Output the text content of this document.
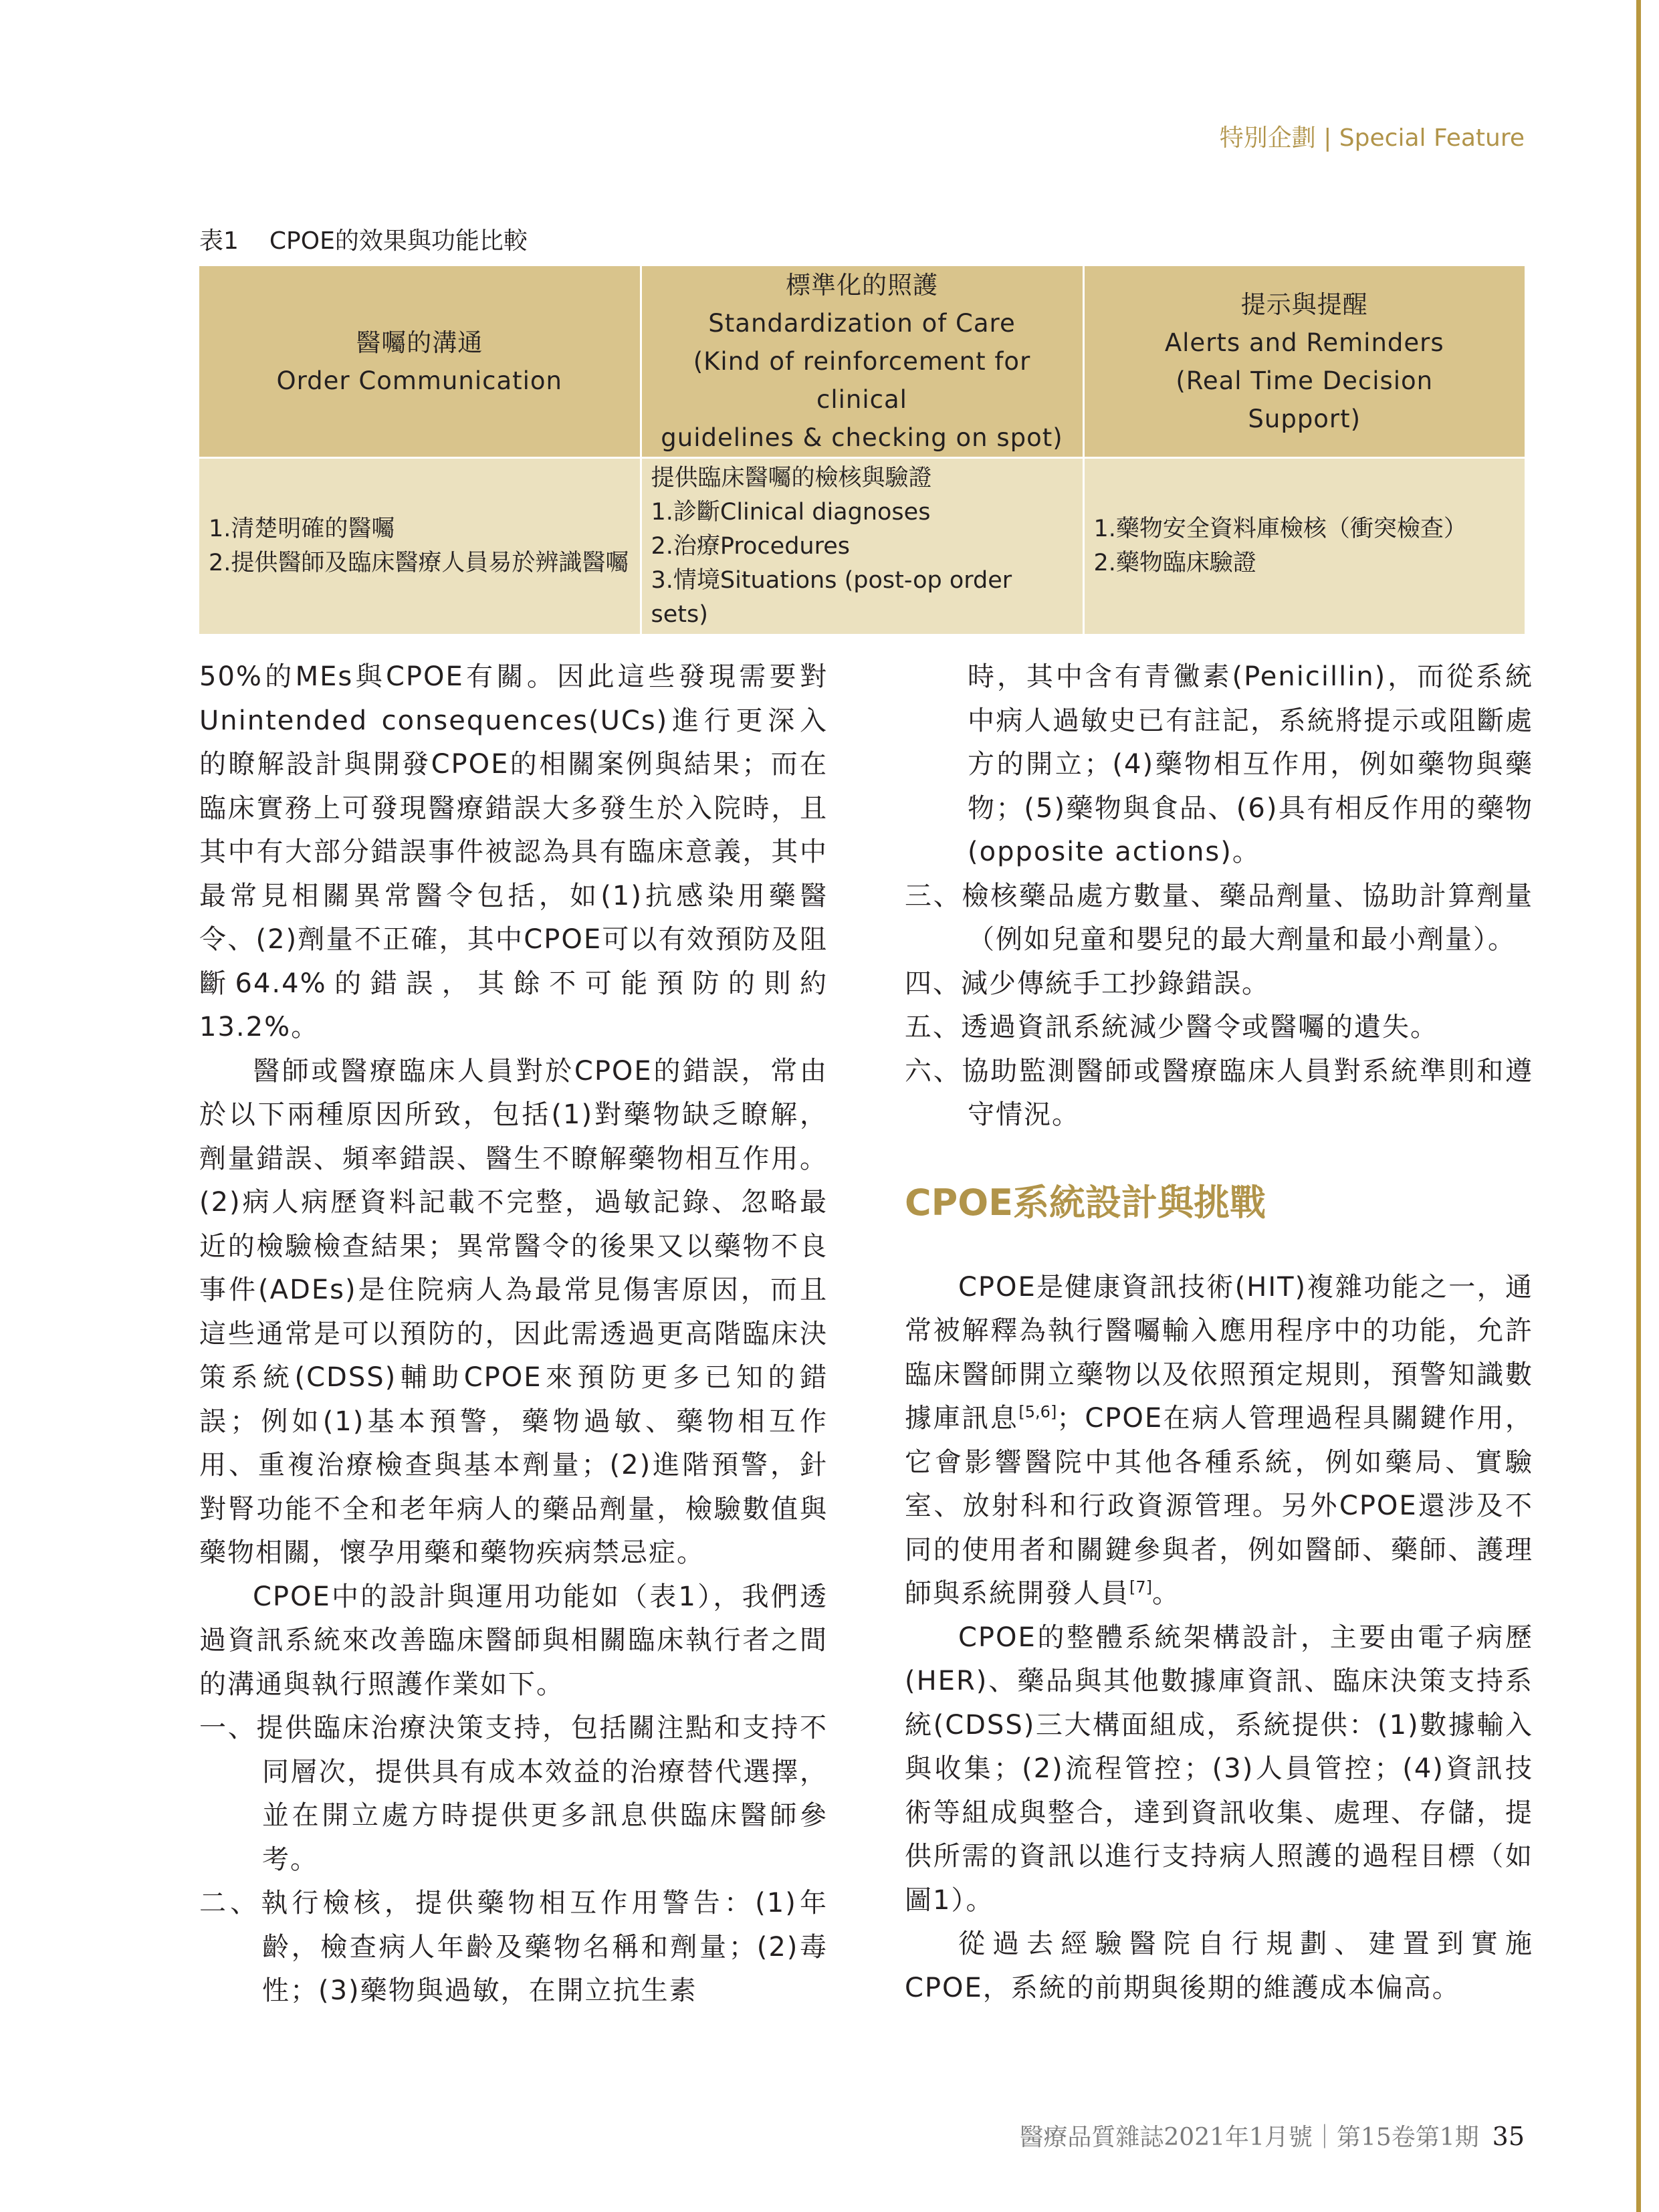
特別企劃 | Special Feature
表1 CPOE的效果與功能比較
醫囑的溝通
Order Communication	標準化的照護
Standardization of Care
(Kind of reinforcement for clinical
guidelines & checking on spot)	提示與提醒
Alerts and Reminders
(Real Time Decision
Support)

1.清楚明確的醫囑
2.提供醫師及臨床醫療人員易於辨識醫囑	提供臨床醫囑的檢核與驗證
1.診斷Clinical diagnoses
2.治療Procedures
3.情境Situations (post-op order sets)	1.藥物安全資料庫檢核（衝突檢查）
2.藥物臨床驗證

50%的MEs與CPOE有關。因此這些發現需要對Unintended consequences(UCs)進行更深入的瞭解設計與開發CPOE的相關案例與結果；而在臨床實務上可發現醫療錯誤大多發生於入院時，且其中有大部分錯誤事件被認為具有臨床意義，其中最常見相關異常醫令包括，如(1)抗感染用藥醫令、(2)劑量不正確，其中CPOE可以有效預防及阻斷64.4%的錯誤，其餘不可能預防的則約13.2%。

醫師或醫療臨床人員對於CPOE的錯誤，常由於以下兩種原因所致，包括(1)對藥物缺乏瞭解，劑量錯誤、頻率錯誤、醫生不瞭解藥物相互作用。(2)病人病歷資料記載不完整，過敏記錄、忽略最近的檢驗檢查結果；異常醫令的後果又以藥物不良事件(ADEs)是住院病人為最常見傷害原因，而且這些通常是可以預防的，因此需透過更高階臨床決策系統(CDSS)輔助CPOE來預防更多已知的錯誤；例如(1)基本預警，藥物過敏、藥物相互作用、重複治療檢查與基本劑量；(2)進階預警，針對腎功能不全和老年病人的藥品劑量，檢驗數值與藥物相關，懷孕用藥和藥物疾病禁忌症。

CPOE中的設計與運用功能如（表1），我們透過資訊系統來改善臨床醫師與相關臨床執行者之間的溝通與執行照護作業如下。

一、提供臨床治療決策支持，包括關注點和支持不同層次，提供具有成本效益的治療替代選擇，並在開立處方時提供更多訊息供臨床醫師參考。

二、執行檢核，提供藥物相互作用警告：(1)年齡，檢查病人年齡及藥物名稱和劑量；(2)毒性；(3)藥物與過敏，在開立抗生素

時，其中含有青黴素(Penicillin)，而從系統中病人過敏史已有註記，系統將提示或阻斷處方的開立；(4)藥物相互作用，例如藥物與藥物；(5)藥物與食品、(6)具有相反作用的藥物(opposite actions)。

三、檢核藥品處方數量、藥品劑量、協助計算劑量（例如兒童和嬰兒的最大劑量和最小劑量）。

四、減少傳統手工抄錄錯誤。

五、透過資訊系統減少醫令或醫囑的遺失。

六、協助監測醫師或醫療臨床人員對系統準則和遵守情況。

CPOE系統設計與挑戰

CPOE是健康資訊技術(HIT)複雜功能之一，通常被解釋為執行醫囑輸入應用程序中的功能，允許臨床醫師開立藥物以及依照預定規則，預警知識數據庫訊息[5,6]；CPOE在病人管理過程具關鍵作用，它會影響醫院中其他各種系統，例如藥局、實驗室、放射科和行政資源管理。另外CPOE還涉及不同的使用者和關鍵參與者，例如醫師、藥師、護理師與系統開發人員[7]。

CPOE的整體系統架構設計，主要由電子病歷(HER)、藥品與其他數據庫資訊、臨床決策支持系統(CDSS)三大構面組成，系統提供：(1)數據輸入與收集；(2)流程管控；(3)人員管控；(4)資訊技術等組成與整合，達到資訊收集、處理、存儲，提供所需的資訊以進行支持病人照護的過程目標（如圖1）。

從過去經驗醫院自行規劃、建置到實施CPOE，系統的前期與後期的維護成本偏高。

醫療品質雜誌2021年1月號｜第15卷第1期 35
